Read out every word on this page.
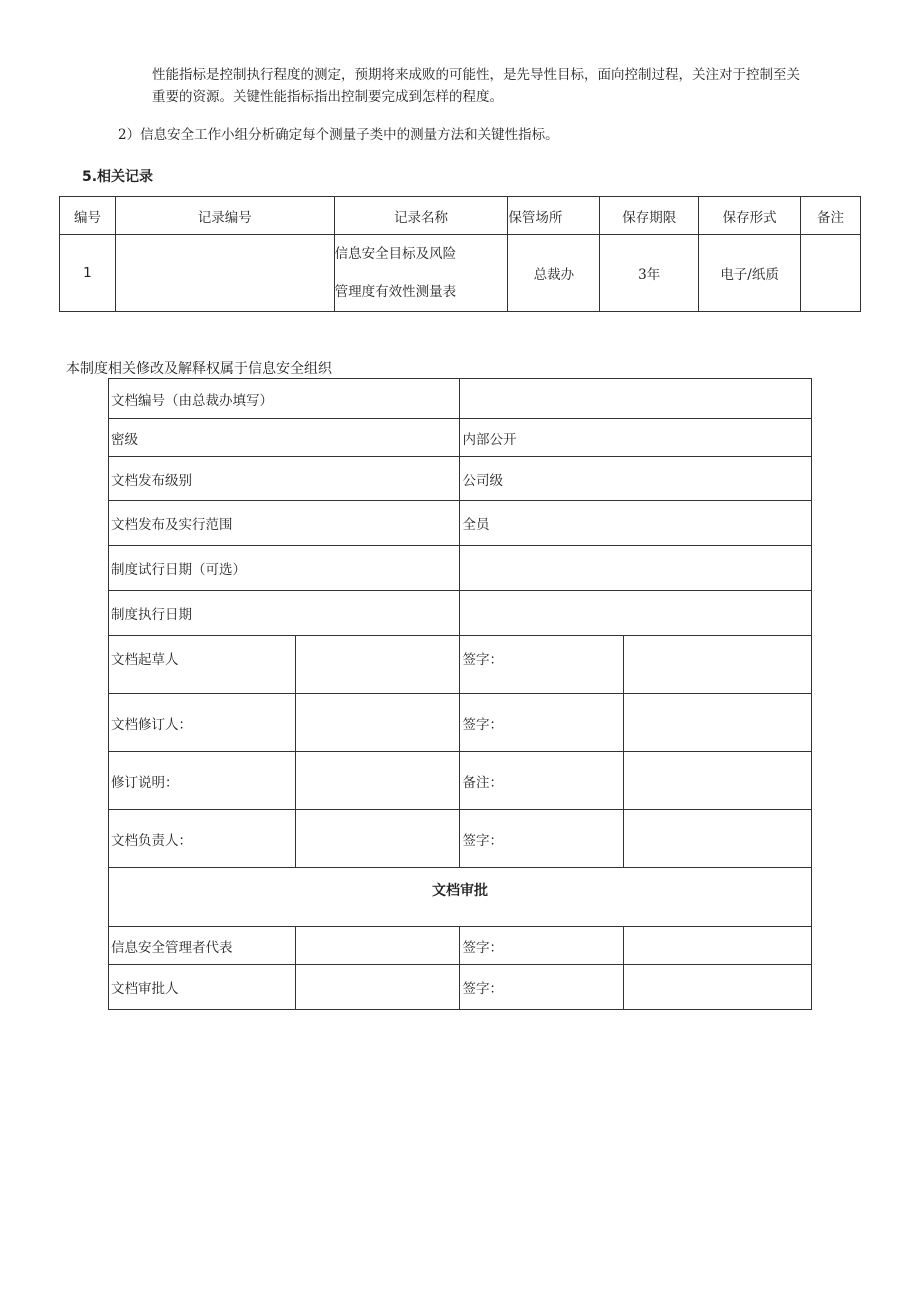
性能指标是控制执行程度的测定，预期将来成败的可能性，是先导性目标，面向控制过程，关注对于控制至关
重要的资源。关键性能指标指出控制要完成到怎样的程度。
2）信息安全工作小组分析确定每个测量子类中的测量方法和关键性指标。
5.相关记录
编号	记录编号	记录名称	保管场所	保存期限	保存形式	备注
1		信息安全目标及风险
管理度有效性测量表	总裁办	3年	电子/纸质	
本制度相关修改及解释权属于信息安全组织
文档编号（由总裁办填写）			
密级		内部公开	
文档发布级别		公司级	
文档发布及实行范围		全员	
制度试行日期（可选）			
制度执行日期			
文档起草人		签字：	
文档修订人：		签字：	
修订说明：		备注：	
文档负责人：		签字：	
文档审批			
信息安全管理者代表		签字：	
文档审批人		签字：	
